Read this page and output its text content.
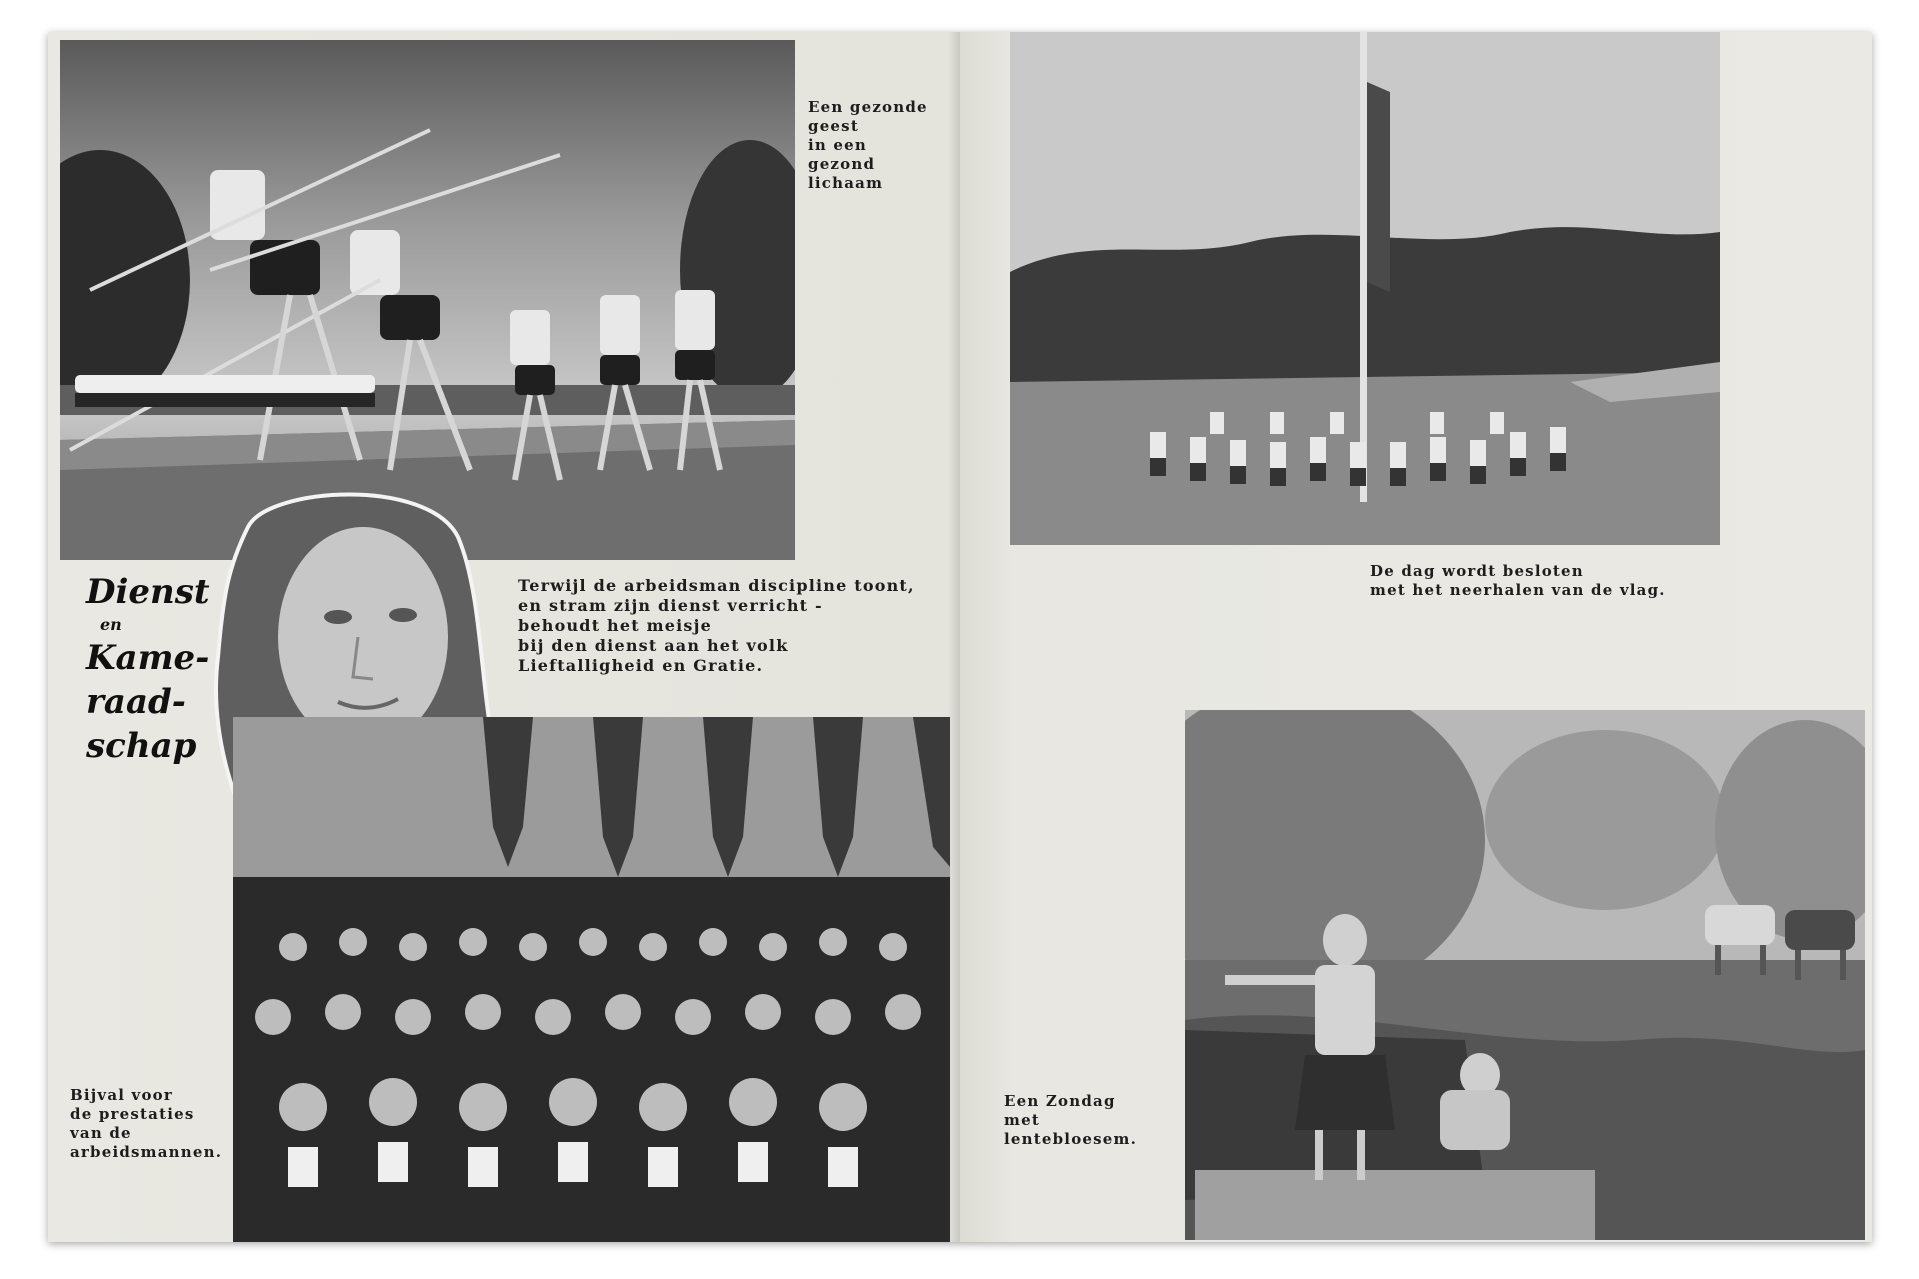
Dienst
en
Kame-
raad-
schap
Een gezonde
geest
in een
gezond
lichaam
Terwijl de arbeidsman discipline toont,
en stram zijn dienst verricht -
behoudt het meisje
bij den dienst aan het volk
Lieftalligheid en Gratie.
Bijval voor
de prestaties
van de
arbeidsmannen.
De dag wordt besloten
met het neerhalen van de vlag.
Een Zondag
met
lentebloesem.
